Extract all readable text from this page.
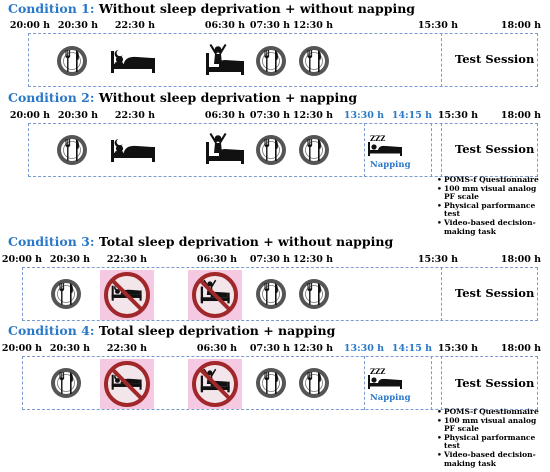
Condition 1: Without sleep deprivation + without napping
20:00 h 20:30 h 22:30 h	06:30 h 07:30 h 12:30 h	15:30 h	18:00 h
Test Session
Condition 2: Without sleep deprivation + napping
20:00 h 20:30 h 22:30 h	06:30 h 07:30 h 12:30 h 13:30 h 14:15 h 15:30 h 18:00 h
ZZZ
Napping
Test Session
• POMS-f Questionnaire
• 100 mm visual analog PF scale
• Physical parformance test
• Video-based decision-making task
Condition 3: Total sleep deprivation + without napping
20:00 h 20:30 h 22:30 h	06:30 h 07:30 h 12:30 h	15:30 h	18:00 h
Test Session
Condition 4: Total sleep deprivation + napping
20:00 h 20:30 h 22:30 h	06:30 h 07:30 h 12:30 h 13:30 h 14:15 h 15:30 h 18:00 h
ZZZ
Napping
Test Session
• POMS-f Questionnaire
• 100 mm visual analog PF scale
• Physical parformance test
• Video-based decision-making task
